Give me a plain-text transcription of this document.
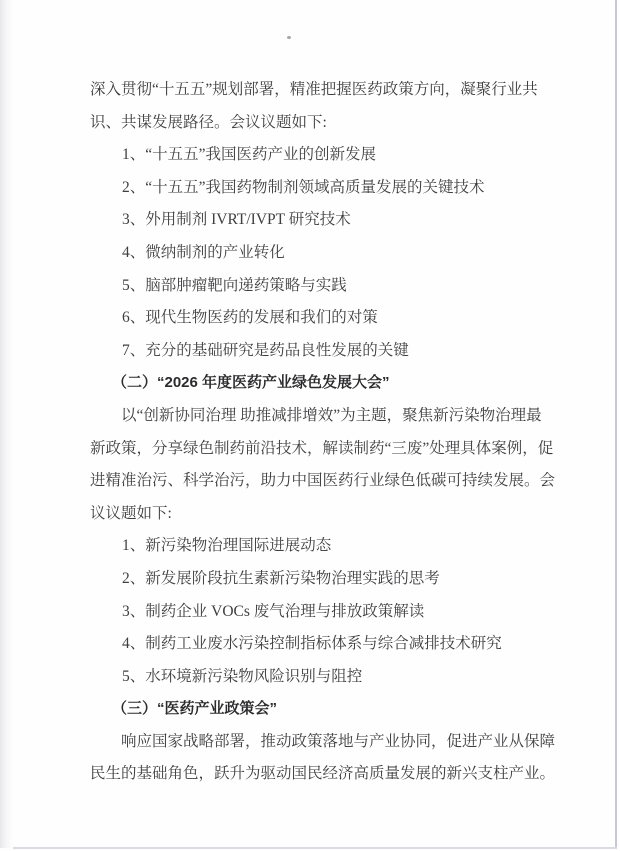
深入贯彻“十五五”规划部署，精准把握医药政策方向，凝聚行业共

识、共谋发展路径。会议议题如下:

1、“十五五”我国医药产业的创新发展

2、“十五五”我国药物制剂领域高质量发展的关键技术

3、外用制剂 IVRT/IVPT 研究技术

4、微纳制剂的产业转化

5、脑部肿瘤靶向递药策略与实践

6、现代生物医药的发展和我们的对策

7、充分的基础研究是药品良性发展的关键

（二）“2026 年度医药产业绿色发展大会”

以“创新协同治理 助推减排增效”为主题，聚焦新污染物治理最

新政策，分享绿色制药前沿技术，解读制药“三废”处理具体案例，促

进精准治污、科学治污，助力中国医药行业绿色低碳可持续发展。会

议议题如下:

1、新污染物治理国际进展动态

2、新发展阶段抗生素新污染物治理实践的思考

3、制药企业 VOCs 废气治理与排放政策解读

4、制药工业废水污染控制指标体系与综合减排技术研究

5、水环境新污染物风险识别与阻控

（三）“医药产业政策会”

响应国家战略部署，推动政策落地与产业协同，促进产业从保障

民生的基础角色，跃升为驱动国民经济高质量发展的新兴支柱产业。
